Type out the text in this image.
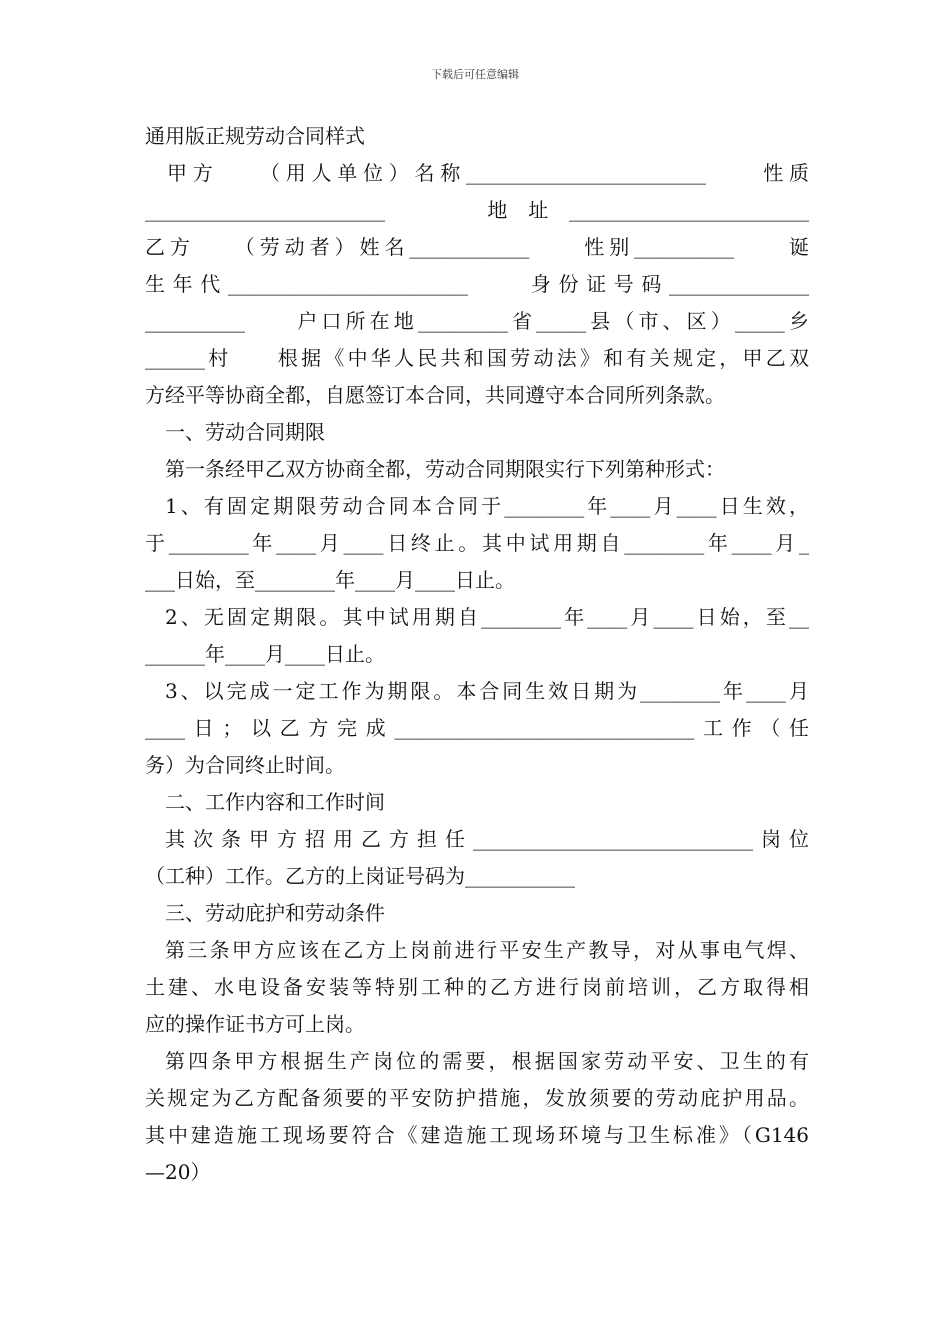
下载后可任意编辑
通用版正规劳动合同样式
甲方　　（用人单位）名称________________________　　性质
________________________　　地址________________________
乙方　　（劳动者）姓名____________　　性别__________　　诞
生年代________________________　　身份证号码______________
__________　　户口所在地_________省_____县（市、区）_____乡
______村　　根据《中华人民共和国劳动法》和有关规定，甲乙双
方经平等协商全都，自愿签订本合同，共同遵守本合同所列条款。
一、劳动合同期限
第一条经甲乙双方协商全都，劳动合同期限实行下列第种形式：
1、有固定期限劳动合同本合同于________年____月____日生效，
于________年____月____日终止。其中试用期自________年____月_
___日始，至________年____月____日止。
2、无固定期限。其中试用期自________年____月____日始，至__
______年____月____日止。
3、以完成一定工作为期限。本合同生效日期为________年____月
____日；以乙方完成______________________________工作（任
务）为合同终止时间。
二、工作内容和工作时间
其次条甲方招用乙方担任____________________________岗位
（工种）工作。乙方的上岗证号码为___________
三、劳动庇护和劳动条件
第三条甲方应该在乙方上岗前进行平安生产教导，对从事电气焊、
土建、水电设备安装等特别工种的乙方进行岗前培训，乙方取得相
应的操作证书方可上岗。
第四条甲方根据生产岗位的需要，根据国家劳动平安、卫生的有
关规定为乙方配备须要的平安防护措施，发放须要的劳动庇护用品。
其中建造施工现场要符合《建造施工现场环境与卫生标准》（G146
—20）
